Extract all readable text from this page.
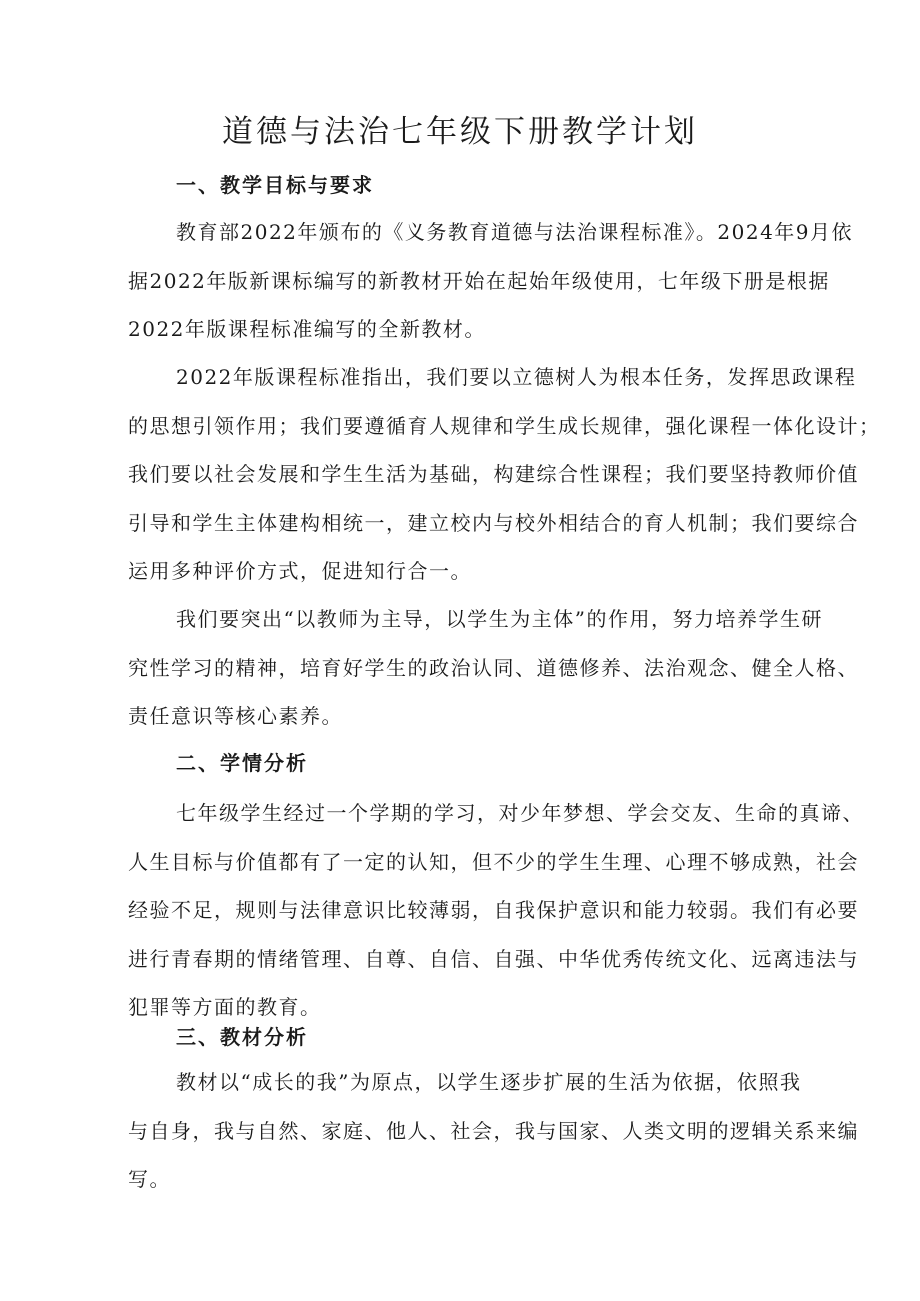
道德与法治七年级下册教学计划
一、教学目标与要求

教育部2022年颁布的《义务教育道德与法治课程标准》。2024年9月依
据2022年版新课标编写的新教材开始在起始年级使用，七年级下册是根据
2022年版课程标准编写的全新教材。

2022年版课程标准指出，我们要以立德树人为根本任务，发挥思政课程
的思想引领作用；我们要遵循育人规律和学生成长规律，强化课程一体化设计；
我们要以社会发展和学生生活为基础，构建综合性课程；我们要坚持教师价值
引导和学生主体建构相统一，建立校内与校外相结合的育人机制；我们要综合
运用多种评价方式，促进知行合一。

我们要突出“以教师为主导，以学生为主体”的作用，努力培养学生研
究性学习的精神，培育好学生的政治认同、道德修养、法治观念、健全人格、
责任意识等核心素养。

二、学情分析

七年级学生经过一个学期的学习，对少年梦想、学会交友、生命的真谛、
人生目标与价值都有了一定的认知，但不少的学生生理、心理不够成熟，社会
经验不足，规则与法律意识比较薄弱，自我保护意识和能力较弱。我们有必要
进行青春期的情绪管理、自尊、自信、自强、中华优秀传统文化、远离违法与
犯罪等方面的教育。

三、教材分析

教材以“成长的我”为原点，以学生逐步扩展的生活为依据，依照我
与自身，我与自然、家庭、他人、社会，我与国家、人类文明的逻辑关系来编
写。
